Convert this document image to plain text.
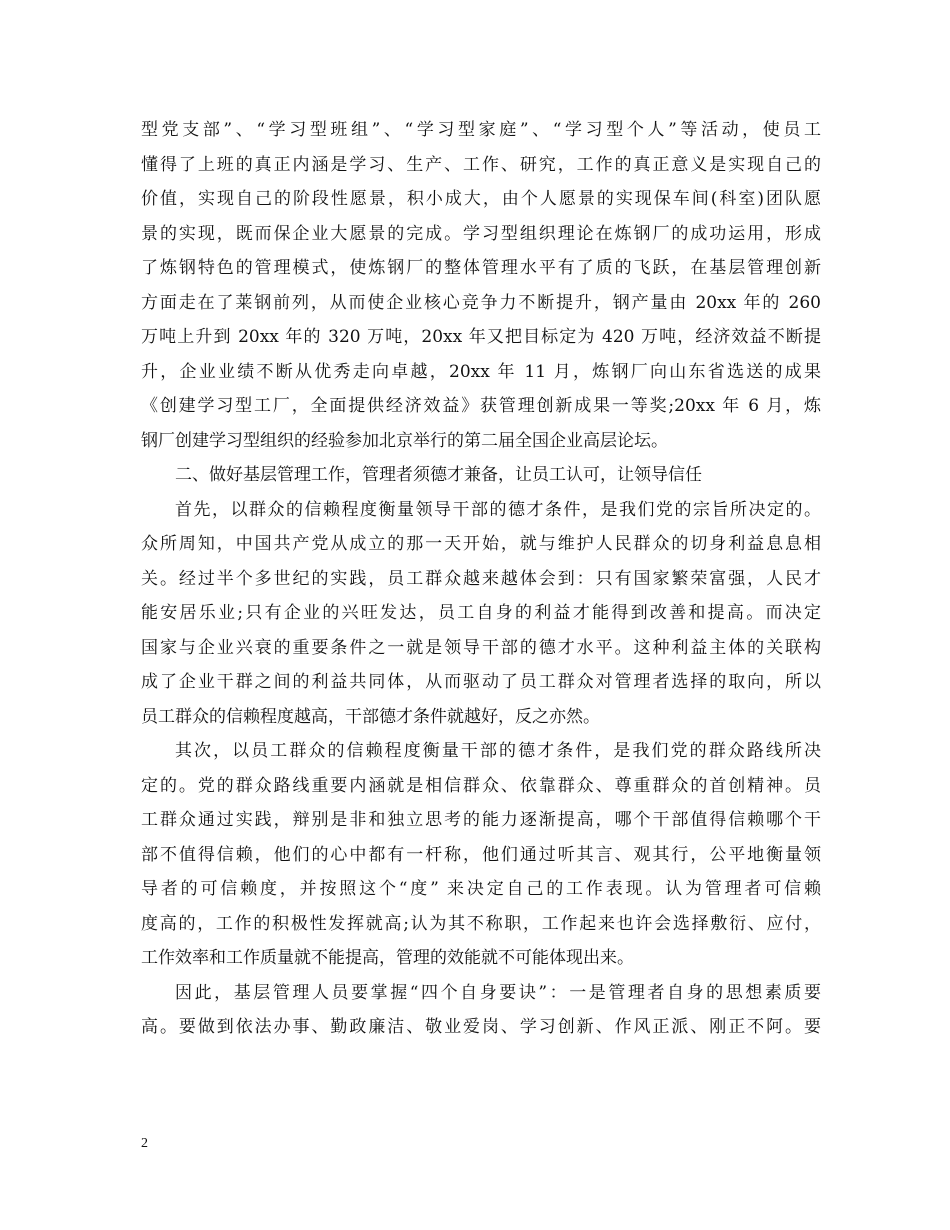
型党支部”、“学习型班组”、“学习型家庭”、“学习型个人”等活动，使员工
懂得了上班的真正内涵是学习、生产、工作、研究，工作的真正意义是实现自己的
价值，实现自己的阶段性愿景，积小成大，由个人愿景的实现保车间(科室)团队愿
景的实现，既而保企业大愿景的完成。学习型组织理论在炼钢厂的成功运用，形成
了炼钢特色的管理模式，使炼钢厂的整体管理水平有了质的飞跃，在基层管理创新
方面走在了莱钢前列，从而使企业核心竞争力不断提升，钢产量由 20xx 年的 260
万吨上升到 20xx 年的 320 万吨，20xx 年又把目标定为 420 万吨，经济效益不断提
升，企业业绩不断从优秀走向卓越，20xx 年 11 月，炼钢厂向山东省选送的成果
《创建学习型工厂，全面提供经济效益》获管理创新成果一等奖;20xx 年 6 月，炼
钢厂创建学习型组织的经验参加北京举行的第二届全国企业高层论坛。
二、做好基层管理工作，管理者须德才兼备，让员工认可，让领导信任
首先，以群众的信赖程度衡量领导干部的德才条件，是我们党的宗旨所决定的。
众所周知，中国共产党从成立的那一天开始，就与维护人民群众的切身利益息息相
关。经过半个多世纪的实践，员工群众越来越体会到：只有国家繁荣富强，人民才
能安居乐业;只有企业的兴旺发达，员工自身的利益才能得到改善和提高。而决定
国家与企业兴衰的重要条件之一就是领导干部的德才水平。这种利益主体的关联构
成了企业干群之间的利益共同体，从而驱动了员工群众对管理者选择的取向，所以
员工群众的信赖程度越高，干部德才条件就越好，反之亦然。
其次，以员工群众的信赖程度衡量干部的德才条件，是我们党的群众路线所决
定的。党的群众路线重要内涵就是相信群众、依靠群众、尊重群众的首创精神。员
工群众通过实践，辩别是非和独立思考的能力逐渐提高，哪个干部值得信赖哪个干
部不值得信赖，他们的心中都有一杆称，他们通过听其言、观其行，公平地衡量领
导者的可信赖度，并按照这个“度” 来决定自己的工作表现。认为管理者可信赖
度高的，工作的积极性发挥就高;认为其不称职，工作起来也许会选择敷衍、应付，
工作效率和工作质量就不能提高，管理的效能就不可能体现出来。
因此，基层管理人员要掌握“四个自身要诀”：一是管理者自身的思想素质要
高。要做到依法办事、勤政廉洁、敬业爱岗、学习创新、作风正派、刚正不阿。要
2
